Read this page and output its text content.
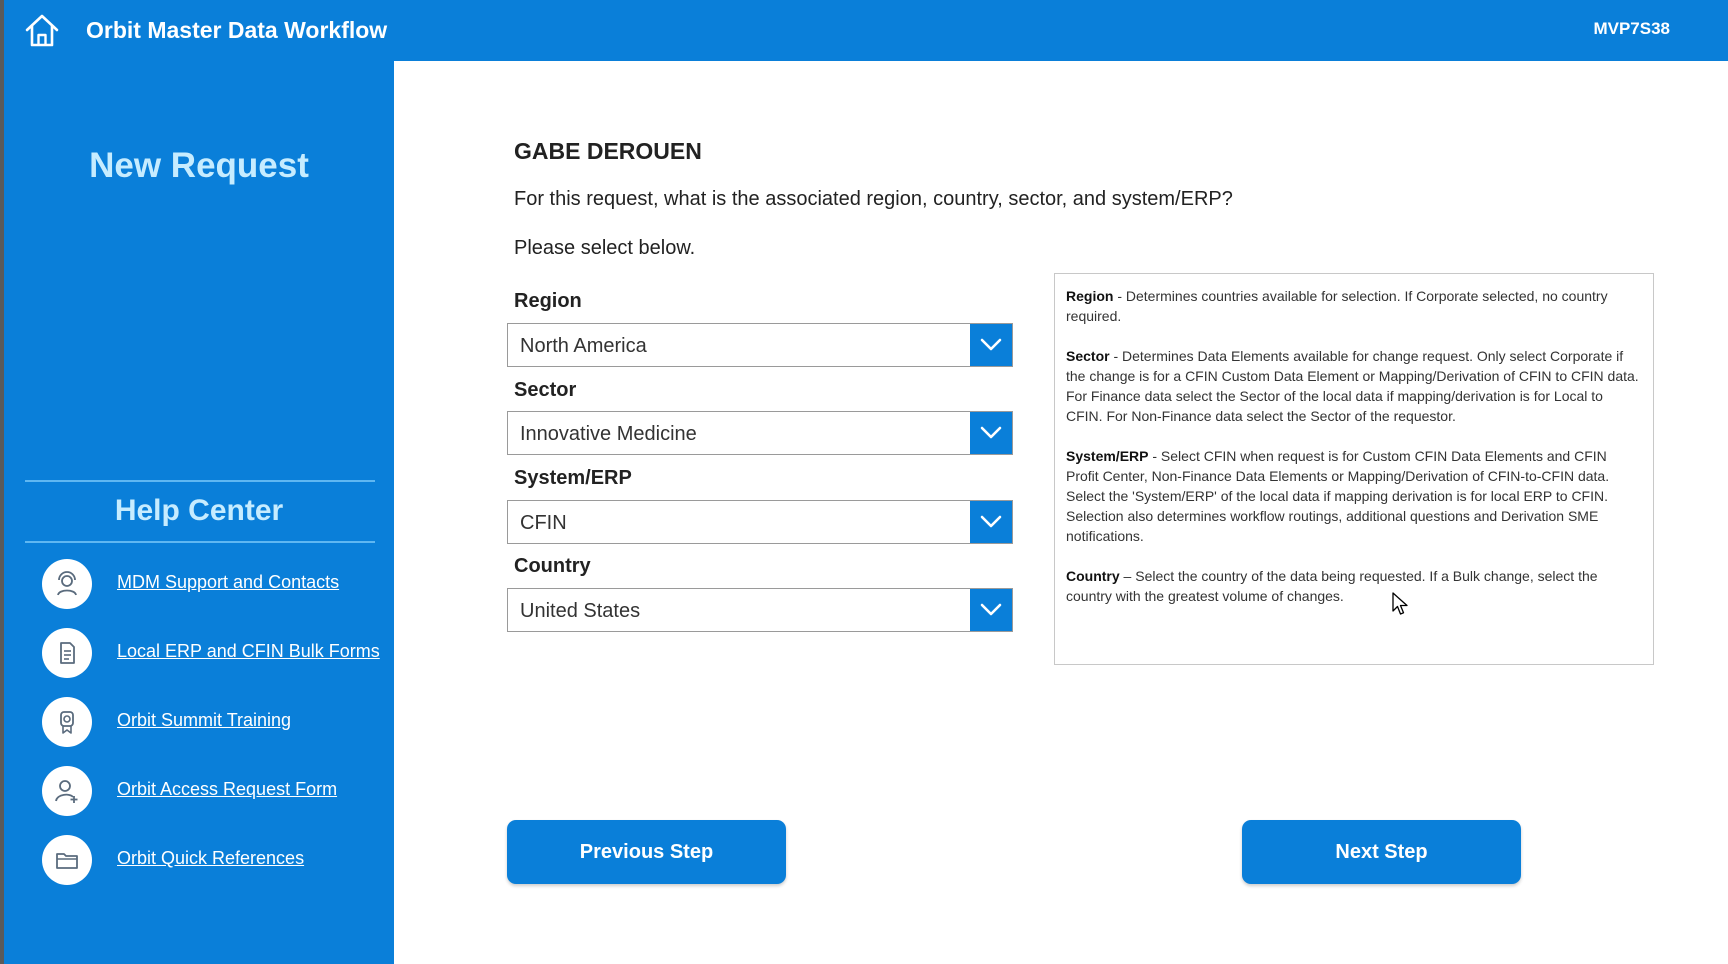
Orbit Master Data Workflow	MVP7S38
New Request
Help Center
MDM Support and Contacts
Local ERP and CFIN Bulk Forms
Orbit Summit Training
Orbit Access Request Form
Orbit Quick References
GABE DEROUEN
For this request, what is the associated region, country, sector, and system/ERP?
Please select below.
Region
North America
Sector
Innovative Medicine
System/ERP
CFIN
Country
United States

Region - Determines countries available for selection. If Corporate selected, no country required.

Sector - Determines Data Elements available for change request. Only select Corporate if the change is for a CFIN Custom Data Element or Mapping/Derivation of CFIN to CFIN data. For Finance data select the Sector of the local data if mapping/derivation is for Local to CFIN. For Non-Finance data select the Sector of the requestor.

System/ERP - Select CFIN when request is for Custom CFIN Data Elements and CFIN Profit Center, Non-Finance Data Elements or Mapping/Derivation of CFIN-to-CFIN data. Select the 'System/ERP' of the local data if mapping derivation is for local ERP to CFIN. Selection also determines workflow routings, additional questions and Derivation SME notifications.

Country – Select the country of the data being requested. If a Bulk change, select the country with the greatest volume of changes.

Previous Step	Next Step
